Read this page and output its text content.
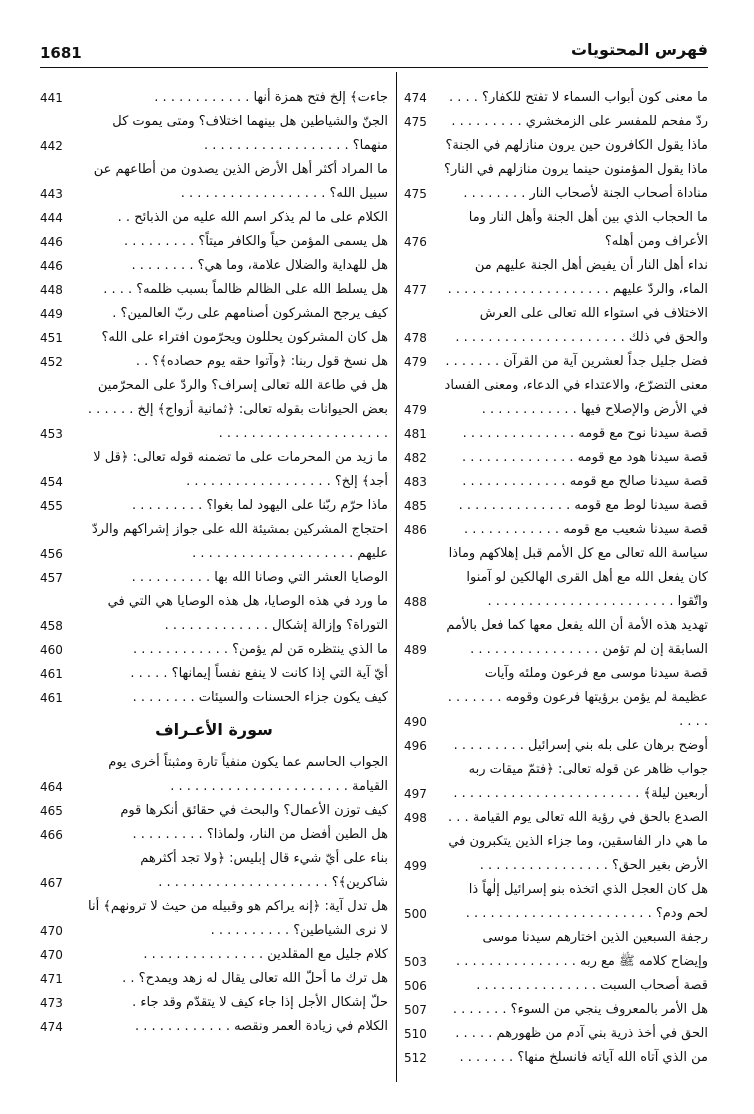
1681	فهرس المحتويات
جاءت﴾ إلخ فتح همزة أنها . . . . . . . . . . . .
441
الجنّ والشياطين هل بينهما اختلاف؟ ومتى يموت كل منهما؟ . . . . . . . . . . . . . . . . . .
442
ما المراد أكثر أهل الأرض الذين يصدون من أطاعهم عن سبيل الله؟ . . . . . . . . . . . . . . . . . .
443
الكلام على ما لم يذكر اسم الله عليه من الذبائح . .
444
هل يسمى المؤمن حياً والكافر ميتاً؟ . . . . . . . . .
446
هل للهداية والضلال علامة، وما هي؟ . . . . . . . .
446
هل يسلط الله على الظالم ظالماً بسبب ظلمه؟ . . . .
448
كيف يرجح المشركون أصنامهم على ربّ العالمين؟ .
449
هل كان المشركون يحللون ويحرّمون افتراء على الله؟
451
هل نسخ قول ربنا: ﴿وآتوا حقه يوم حصاده﴾؟ . .
452
هل في طاعة الله تعالى إسراف؟ والردّ على المحرّمين بعض الحيوانات بقوله تعالى: ﴿ثمانية أزواج﴾ إلخ . . . . . . . . . . . . . . . . . . . . . . . . . . .
453
ما زيد من المحرمات على ما تضمنه قوله تعالى: ﴿قل لا أجد﴾ إلخ؟ . . . . . . . . . . . . . . . . . .
454
ماذا حرّم ربّنا على اليهود لما بغوا؟ . . . . . . . . .
455
احتجاج المشركين بمشيئة الله على جواز إشراكهم والردّ عليهم . . . . . . . . . . . . . . . . . . . .
456
الوصايا العشر التي وصانا الله بها . . . . . . . . . .
457
ما ورد في هذه الوصايا، هل هذه الوصايا هي التي في التوراة؟ وإزالة إشكال . . . . . . . . . . . . .
458
ما الذي ينتظره مَن لم يؤمن؟ . . . . . . . . . . . .
460
أيّ آية التي إذا كانت لا ينفع نفساً إيمانها؟ . . . . .
461
كيف يكون جزاء الحسنات والسيئات . . . . . . . .
461
سورة الأعـراف
الجواب الحاسم عما يكون منفياً تارة ومثبتاً أخرى يوم القيامة . . . . . . . . . . . . . . . . . . . . . .
464
كيف توزن الأعمال؟ والبحث في حقائق أنكرها قوم
465
هل الطين أفضل من النار، ولماذا؟ . . . . . . . . .
466
بناء على أيّ شيء قال إبليس: ﴿ولا تجد أكثرهم شاكرين﴾؟ . . . . . . . . . . . . . . . . . . . . .
467
هل تدل آية: ﴿إنه يراكم هو وقبيله من حيث لا ترونهم﴾ أنا لا نرى الشياطين؟ . . . . . . . . . .
470
كلام جليل مع المقلدين . . . . . . . . . . . . . . .
470
هل ترك ما أحلّ الله تعالى يقال له زهد ويمدح؟ . .
471
حلّ إشكال الأجل إذا جاء كيف لا يتقدّم وقد جاء .
473
الكلام في زيادة العمر ونقصه . . . . . . . . . . . .
474
ما معنى كون أبواب السماء لا تفتح للكفار؟ . . . .
474
ردّ مفحم للمفسر على الزمخشري . . . . . . . . .
475
ماذا يقول الكافرون حين يرون منازلهم في الجنة؟
ماذا يقول المؤمنون حينما يرون منازلهم في النار؟
مناداة أصحاب الجنة لأصحاب النار . . . . . . . .
475
ما الحجاب الذي بين أهل الجنة وأهل النار وما الأعراف ومن أهله؟
476
نداء أهل النار أن يفيض أهل الجنة عليهم من الماء، والردّ عليهم . . . . . . . . . . . . . . . . . . . .
477
الاختلاف في استواء الله تعالى على العرش والحق في ذلك . . . . . . . . . . . . . . . . . . . . .
478
فضل جليل جداً لعشرين آية من القرآن . . . . . . .
479
معنى التضرّع، والاعتداء في الدعاء، ومعنى الفساد في الأرض والإصلاح فيها . . . . . . . . . . . .
479
قصة سيدنا نوح مع قومه . . . . . . . . . . . . . .
481
قصة سيدنا هود مع قومه . . . . . . . . . . . . . .
482
قصة سيدنا صالح مع قومه . . . . . . . . . . . . .
483
قصة سيدنا لوط مع قومه . . . . . . . . . . . . . .
485
قصة سيدنا شعيب مع قومه . . . . . . . . . . . .
486
سياسة الله تعالى مع كل الأمم قبل إهلاكهم وماذا كان يفعل الله مع أهل القرى الهالكين لو آمنوا واتّقوا . . . . . . . . . . . . . . . . . . . . . . .
488
تهديد هذه الأمة أن الله يفعل معها كما فعل بالأمم السابقة إن لم تؤمن . . . . . . . . . . . . . . . .
489
قصة سيدنا موسى مع فرعون وملئه وآيات عظيمة لم يؤمن برؤيتها فرعون وقومه . . . . . . . . . . .
490
أوضح برهان على بله بني إسرائيل . . . . . . . . .
496
جواب ظاهر عن قوله تعالى: ﴿فتمّ ميقات ربه أربعين ليلة﴾ . . . . . . . . . . . . . . . . . . . . . . .
497
الصدع بالحق في رؤية الله تعالى يوم القيامة . . .
498
ما هي دار الفاسقين، وما جزاء الذين يتكبرون في الأرض بغير الحق؟ . . . . . . . . . . . . . . . .
499
هل كان العجل الذي اتخذه بنو إسرائيل إلٰهاً ذا لحم ودم؟ . . . . . . . . . . . . . . . . . . . . . . .
500
رجفة السبعين الذين اختارهم سيدنا موسى وإيضاح كلامه ﷺ مع ربه . . . . . . . . . . . . . . .
503
قصة أصحاب السبت . . . . . . . . . . . . . . .
506
هل الأمر بالمعروف ينجي من السوء؟ . . . . . . .
507
الحق في أخذ ذرية بني آدم من ظهورهم . . . . .
510
من الذي آتاه الله آياته فانسلخ منها؟ . . . . . . .
512
